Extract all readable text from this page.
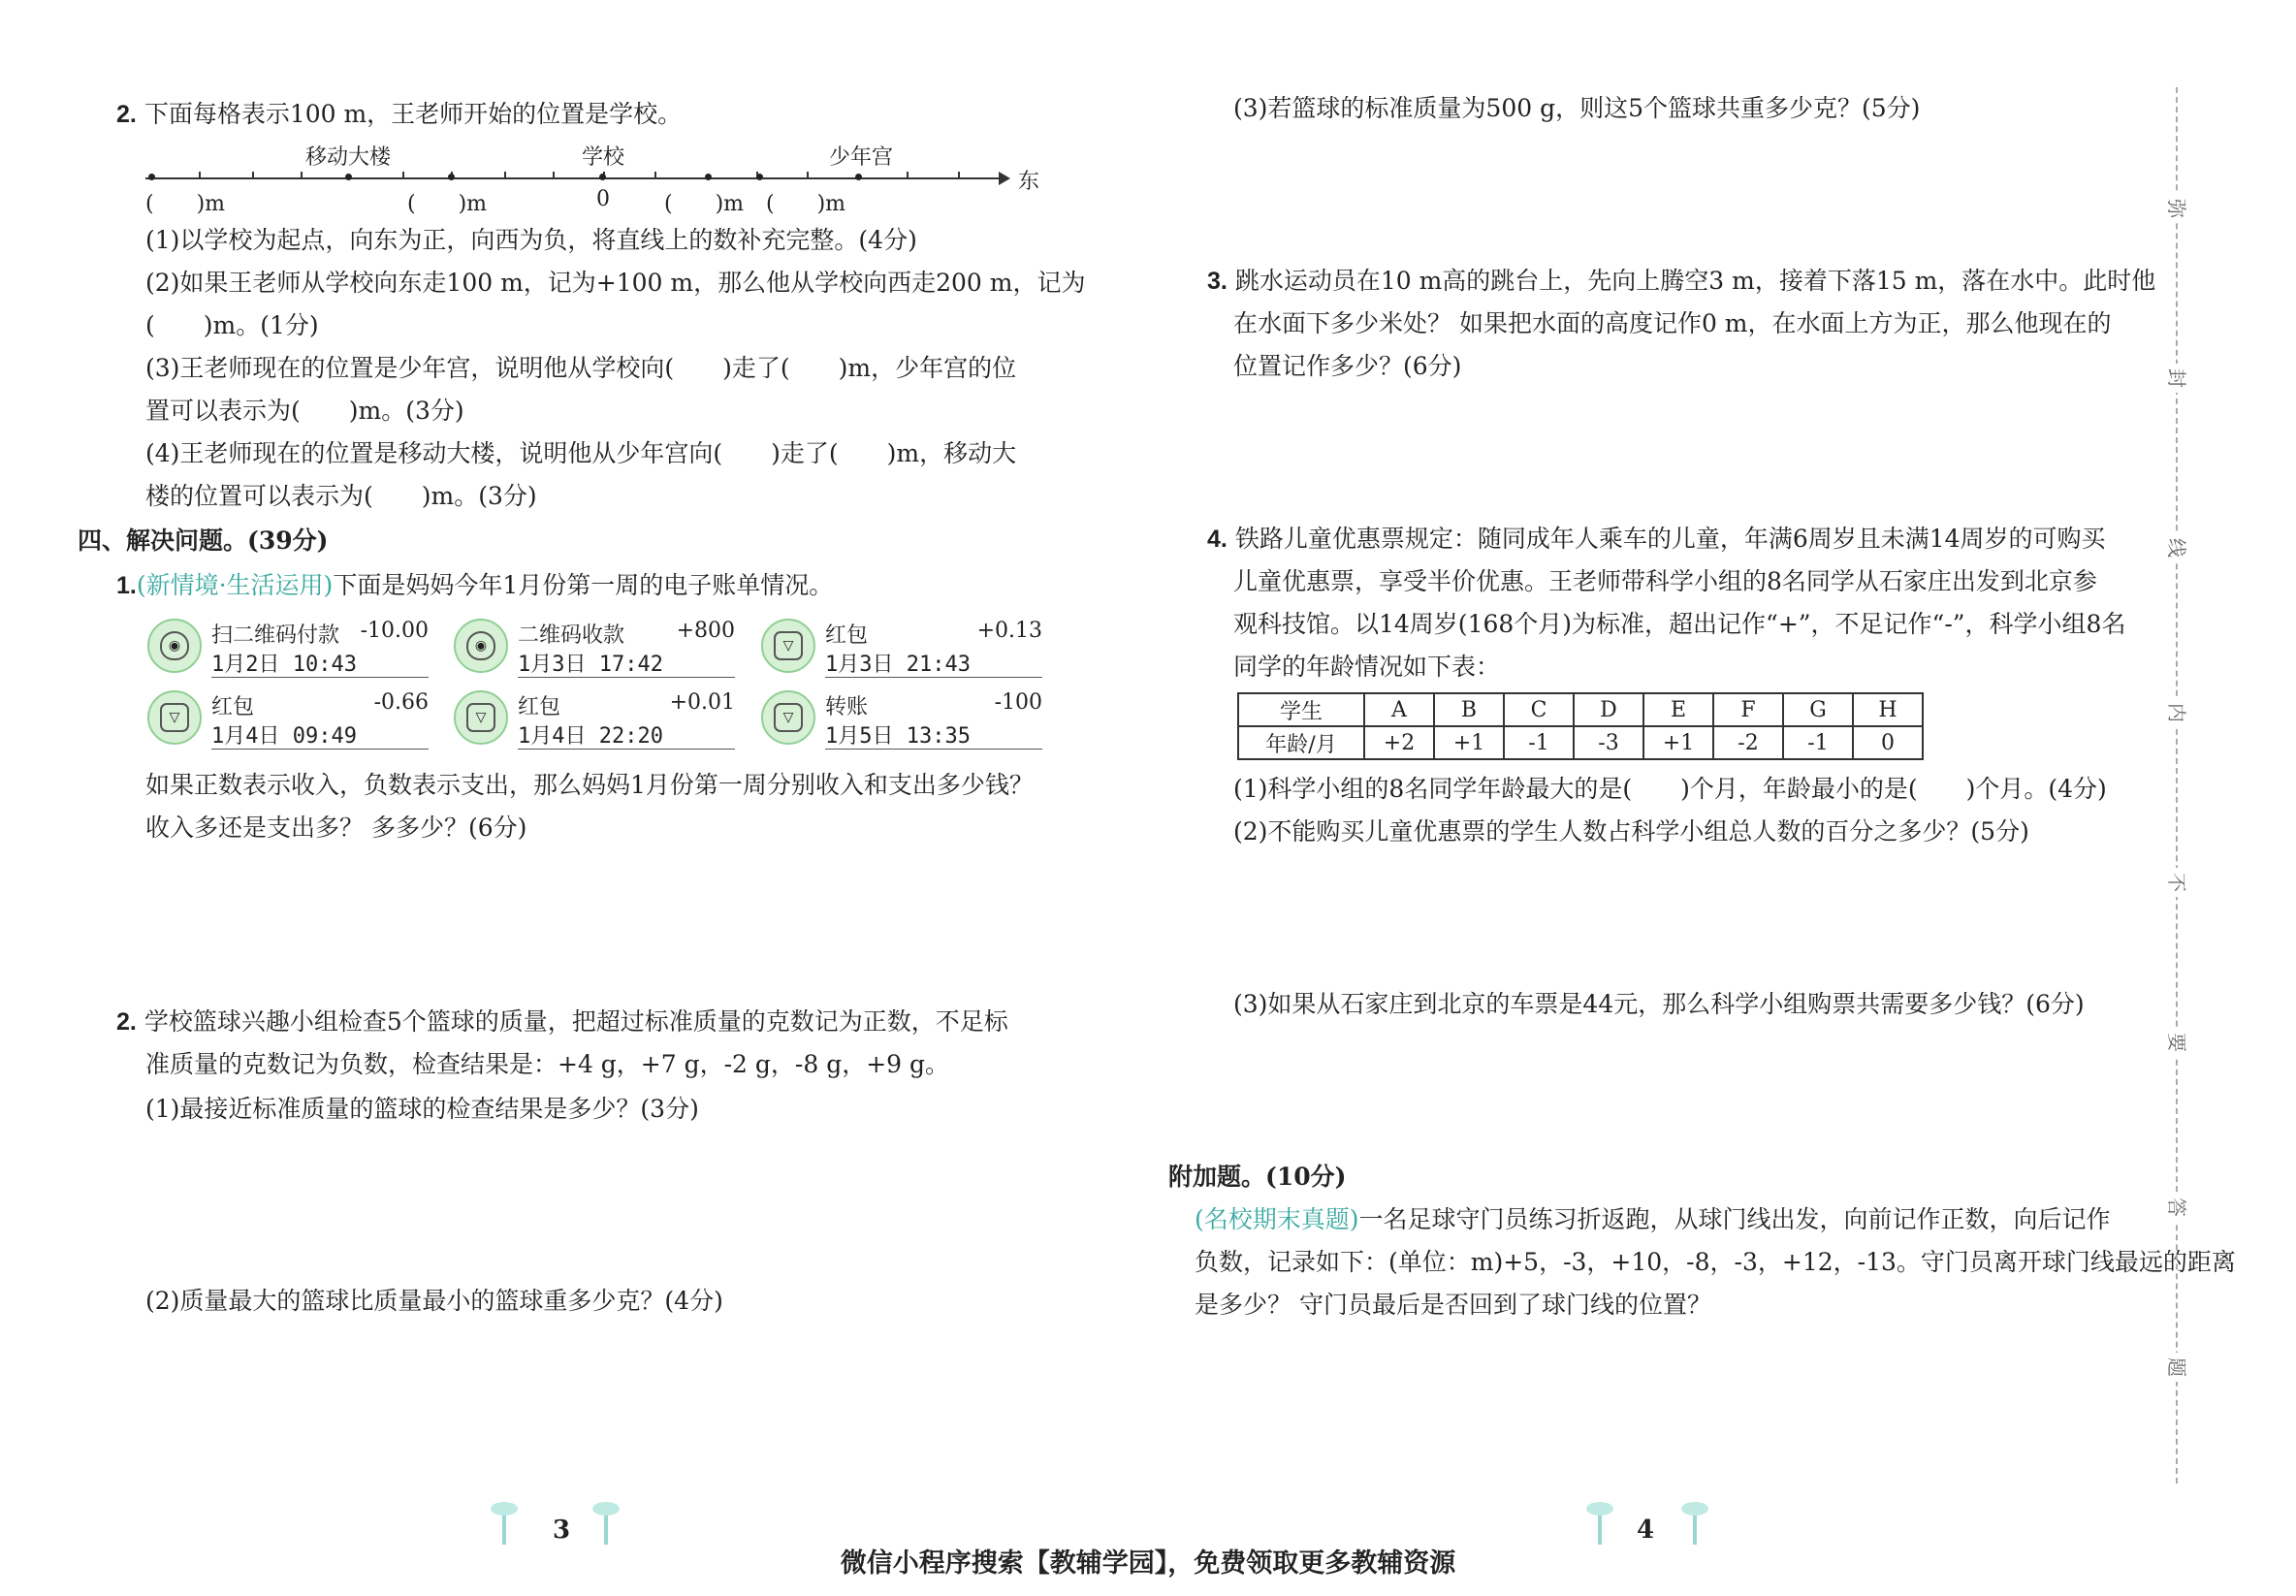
2. 下面每格表示100 m，王老师开始的位置是学校。
移动大楼	学校	少年宫
东
(　　)m	(　　)m	0	(　　)m (　　)m
(1)以学校为起点，向东为正，向西为负，将直线上的数补充完整。(4分)
(2)如果王老师从学校向东走100 m，记为+100 m，那么他从学校向西走200 m，记为
(　　)m。(1分)
(3)王老师现在的位置是少年宫，说明他从学校向(　　)走了(　　)m，少年宫的位
置可以表示为(　　)m。(3分)
(4)王老师现在的位置是移动大楼，说明他从少年宫向(　　)走了(　　)m，移动大
楼的位置可以表示为(　　)m。(3分)
四、解决问题。(39分)
1.(新情境·生活运用)下面是妈妈今年1月份第一周的电子账单情况。
◉	扫二维码付款 -10.00
1月2日 10:43
◉	二维码收款 +800
1月3日 17:42
▽	红包	+0.13
1月3日 21:43
▽	红包	-0.66
1月4日 09:49
▽	红包	+0.01
1月4日 22:20
▽	转账	-100
1月5日 13:35
如果正数表示收入，负数表示支出，那么妈妈1月份第一周分别收入和支出多少钱？
收入多还是支出多？ 多多少？(6分)
2. 学校篮球兴趣小组检查5个篮球的质量，把超过标准质量的克数记为正数，不足标
准质量的克数记为负数，检查结果是：+4 g，+7 g，-2 g，-8 g，+9 g。
(1)最接近标准质量的篮球的检查结果是多少？(3分)
(2)质量最大的篮球比质量最小的篮球重多少克？(4分)
3
(3)若篮球的标准质量为500 g，则这5个篮球共重多少克？(5分)
3. 跳水运动员在10 m高的跳台上，先向上腾空3 m，接着下落15 m，落在水中。此时他
在水面下多少米处？ 如果把水面的高度记作0 m，在水面上方为正，那么他现在的
位置记作多少？(6分)
4. 铁路儿童优惠票规定：随同成年人乘车的儿童，年满6周岁且未满14周岁的可购买
儿童优惠票，享受半价优惠。王老师带科学小组的8名同学从石家庄出发到北京参
观科技馆。以14周岁(168个月)为标准，超出记作“+”，不足记作“-”，科学小组8名
同学的年龄情况如下表：
学生	A	B	C	D	E	F	G	H
年龄/月	+2	+1	-1	-3	+1	-2	-1	0
(1)科学小组的8名同学年龄最大的是(　　)个月，年龄最小的是(　　)个月。(4分)
(2)不能购买儿童优惠票的学生人数占科学小组总人数的百分之多少？(5分)
(3)如果从石家庄到北京的车票是44元，那么科学小组购票共需要多少钱？(6分)
附加题。(10分)
(名校期末真题)一名足球守门员练习折返跑，从球门线出发，向前记作正数，向后记作
负数，记录如下：(单位：m)+5，-3，+10，-8，-3，+12，-13。守门员离开球门线最远的距离
是多少？ 守门员最后是否回到了球门线的位置？
4
弥
封
线
内
不
要
答
题
微信小程序搜索【教辅学园】，免费领取更多教辅资源
